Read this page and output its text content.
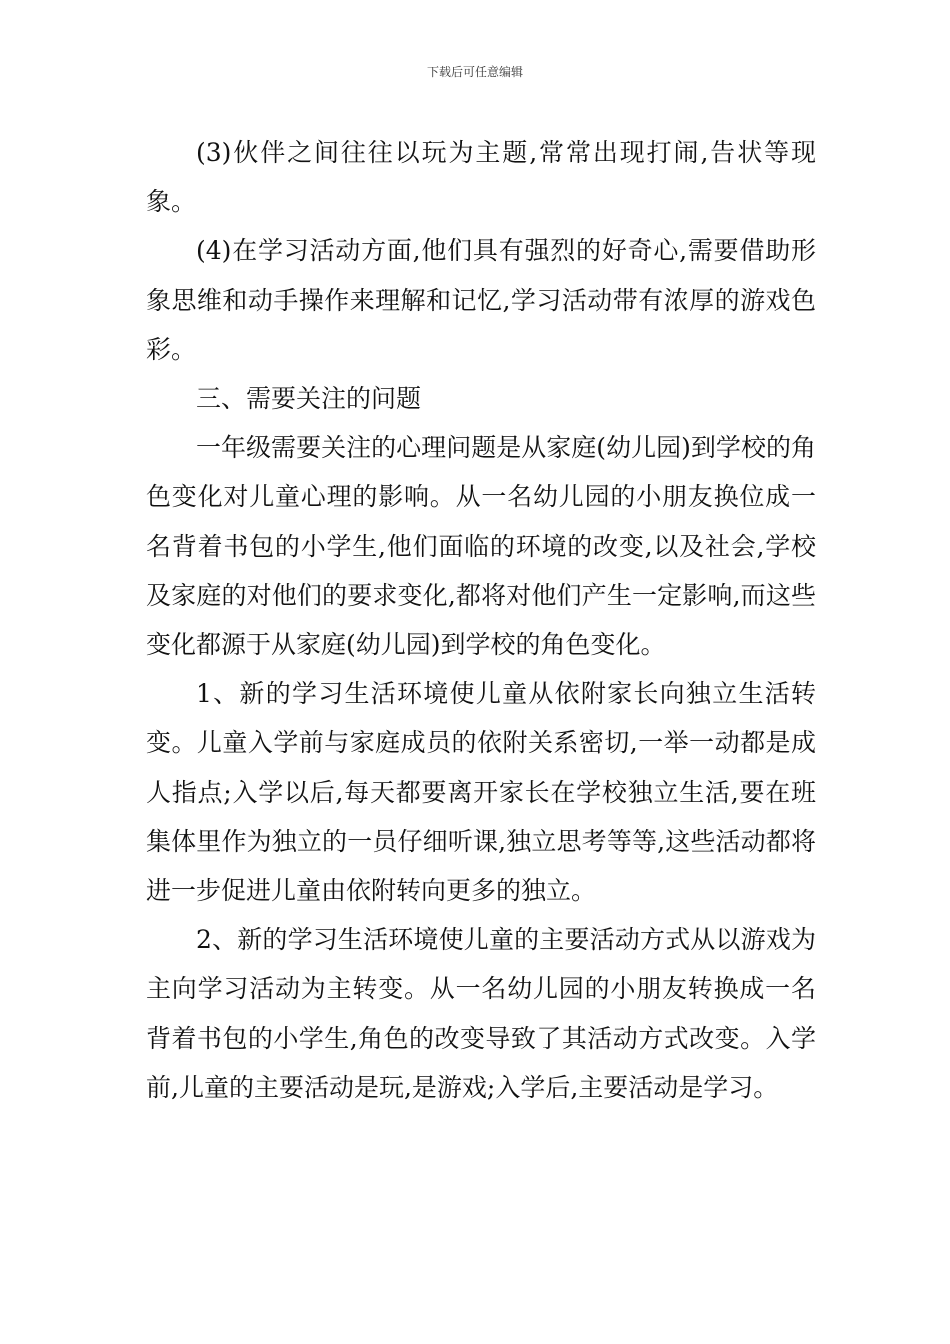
下载后可任意编辑

(3)伙伴之间往往以玩为主题,常常出现打闹,告状等现象。

(4)在学习活动方面,他们具有强烈的好奇心,需要借助形象思维和动手操作来理解和记忆,学习活动带有浓厚的游戏色彩。

三、需要关注的问题

一年级需要关注的心理问题是从家庭(幼儿园)到学校的角色变化对儿童心理的影响。从一名幼儿园的小朋友换位成一名背着书包的小学生,他们面临的环境的改变,以及社会,学校及家庭的对他们的要求变化,都将对他们产生一定影响,而这些变化都源于从家庭(幼儿园)到学校的角色变化。

1、新的学习生活环境使儿童从依附家长向独立生活转变。儿童入学前与家庭成员的依附关系密切,一举一动都是成人指点;入学以后,每天都要离开家长在学校独立生活,要在班集体里作为独立的一员仔细听课,独立思考等等,这些活动都将进一步促进儿童由依附转向更多的独立。

2、新的学习生活环境使儿童的主要活动方式从以游戏为主向学习活动为主转变。从一名幼儿园的小朋友转换成一名背着书包的小学生,角色的改变导致了其活动方式改变。入学前,儿童的主要活动是玩,是游戏;入学后,主要活动是学习。
